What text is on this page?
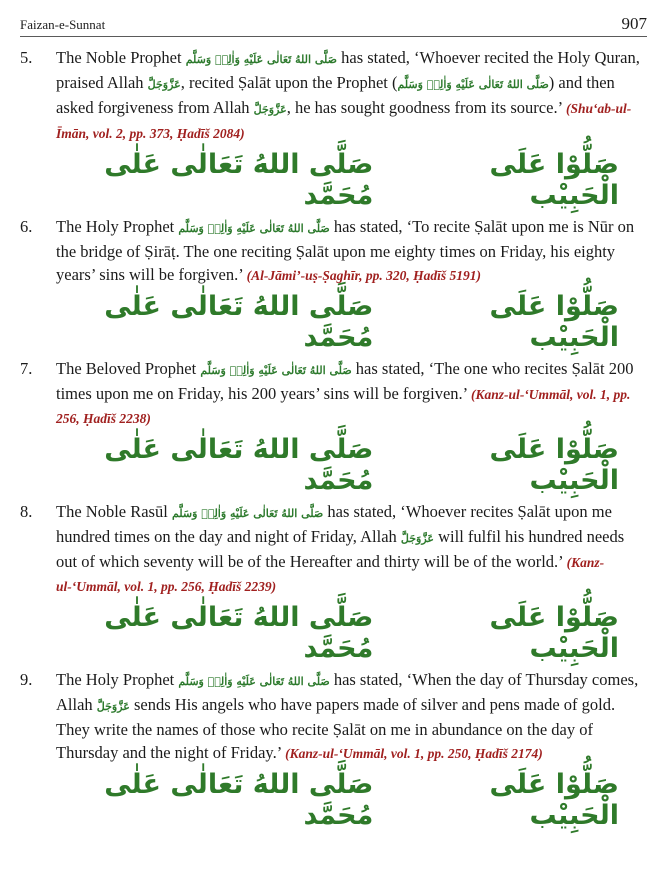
Faizan-e-Sunnat	907
5.	The Noble Prophet صَلَّى اللهُ تَعَالٰی عَلَيْهِ وَاٰلِهٖ وَسَلَّم has stated, ‘Whoever recited the Holy Quran, praised Allah عَزَّوَجَلَّ, recited Ṣalāt upon the Prophet (صَلَّى اللهُ تَعَالٰی عَلَيْهِ وَاٰلِهٖ وَسَلَّم) and then asked forgiveness from Allah عَزَّوَجَلَّ, he has sought goodness from its source.’ (Shu‘ab-ul-Īmān, vol. 2, pp. 373, Ḥadīš 2084)
صَلَّى اللهُ تَعَالٰى عَلٰى مُحَمَّد
صَلُّوْا عَلَى الْحَبِيْب
6.	The Holy Prophet صَلَّى اللهُ تَعَالٰی عَلَيْهِ وَاٰلِهٖ وَسَلَّم has stated, ‘To recite Ṣalāt upon me is Nūr on the bridge of Ṣirāṭ. The one reciting Ṣalāt upon me eighty times on Friday, his eighty years’ sins will be forgiven.’ (Al-Jāmi’-uṣ-Ṣaghīr, pp. 320, Ḥadīš 5191)
صَلَّى اللهُ تَعَالٰى عَلٰى مُحَمَّد
صَلُّوْا عَلَى الْحَبِيْب
7.	The Beloved Prophet صَلَّى اللهُ تَعَالٰی عَلَيْهِ وَاٰلِهٖ وَسَلَّم has stated, ‘The one who recites Ṣalāt 200 times upon me on Friday, his 200 years’ sins will be forgiven.’ (Kanz-ul-‘Ummāl, vol. 1, pp. 256, Ḥadīš 2238)
صَلَّى اللهُ تَعَالٰى عَلٰى مُحَمَّد
صَلُّوْا عَلَى الْحَبِيْب
8.	The Noble Rasūl صَلَّى اللهُ تَعَالٰی عَلَيْهِ وَاٰلِهٖ وَسَلَّم has stated, ‘Whoever recites Ṣalāt upon me hundred times on the day and night of Friday, Allah عَزَّوَجَلَّ will fulfil his hundred needs out of which seventy will be of the Hereafter and thirty will be of the world.’ (Kanz-ul-‘Ummāl, vol. 1, pp. 256, Ḥadīš 2239)
صَلَّى اللهُ تَعَالٰى عَلٰى مُحَمَّد
صَلُّوْا عَلَى الْحَبِيْب
9.	The Holy Prophet صَلَّى اللهُ تَعَالٰی عَلَيْهِ وَاٰلِهٖ وَسَلَّم has stated, ‘When the day of Thursday comes, Allah عَزَّوَجَلَّ sends His angels who have papers made of silver and pens made of gold. They write the names of those who recite Ṣalāt on me in abundance on the day of Thursday and the night of Friday.’ (Kanz-ul-‘Ummāl, vol. 1, pp. 250, Ḥadīš 2174)
صَلَّى اللهُ تَعَالٰى عَلٰى مُحَمَّد
صَلُّوْا عَلَى الْحَبِيْب
